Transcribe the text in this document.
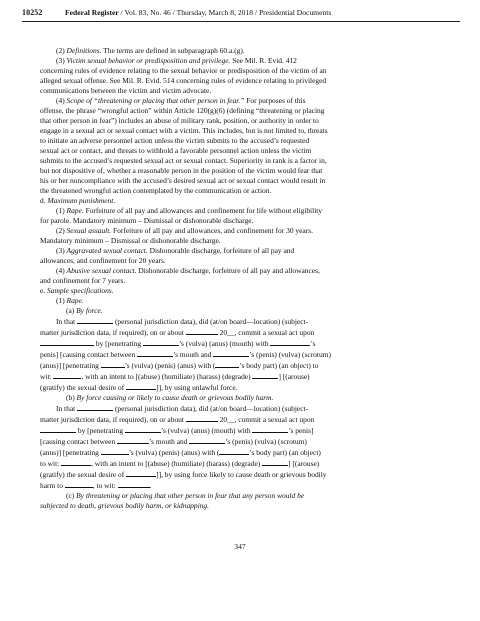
10252	Federal Register / Vol. 83, No. 46 / Thursday, March 8, 2018 / Presidential Documents

(2) Definitions. The terms are defined in subparagraph 60.a.(g).

(3) Victim sexual behavior or predisposition and privilege. See Mil. R. Evid. 412

concerning rules of evidence relating to the sexual behavior or predisposition of the victim of an

alleged sexual offense. See Mil. R. Evid. 514 concerning rules of evidence relating to privileged

communications between the victim and victim advocate.

(4) Scope of “threatening or placing that other person in fear.” For purposes of this

offense, the phrase “wrongful action” within Article 120(g)(6) (defining “threatening or placing

that other person in fear”) includes an abuse of military rank, position, or authority in order to

engage in a sexual act or sexual contact with a victim. This includes, but is not limited to, threats

to initiate an adverse personnel action unless the victim submits to the accused’s requested

sexual act or contact, and threats to withhold a favorable personnel action unless the victim

submits to the accused’s requested sexual act or sexual contact. Superiority in rank is a factor in,

but not dispositive of, whether a reasonable person in the position of the victim would fear that

his or her noncompliance with the accused’s desired sexual act or sexual contact would result in

the threatened wrongful action contemplated by the communication or action.

d. Maximum punishment.

(1) Rape. Forfeiture of all pay and allowances and confinement for life without eligibility

for parole. Mandatory minimum – Dismissal or dishonorable discharge.

(2) Sexual assault. Forfeiture of all pay and allowances, and confinement for 30 years.

Mandatory minimum – Dismissal or dishonorable discharge.

(3) Aggravated sexual contact. Dishonorable discharge, forfeiture of all pay and

allowances, and confinement for 20 years.

(4) Abusive sexual contact. Dishonorable discharge, forfeiture of all pay and allowances,

and confinement for 7 years.

e. Sample specifications.

(1) Rape.

(a) By force.

In that	(personal jurisdiction data), did (at/on board—location) (subject-

matter jurisdiction data, if required), on or about	20__, commit a sexual act upon

by [penetrating	’s (vulva) (anus) (mouth) with	’s

penis] [causing contact between	’s mouth and	’s (penis) (vulva) (scrotum)

(anus)] [penetrating	’s (vulva) (penis) (anus) with (	’s body part) (an object) to

wit:	, with an intent to [(abuse) (humiliate) (harass) (degrade)	] [(arouse)

(gratify) the sexual desire of	]], by using unlawful force.

(b) By force causing or likely to cause death or grievous bodily harm.

In that	(personal jurisdiction data), did (at/on board—location) (subject-

matter jurisdiction data, if required), on or about	20__, commit a sexual act upon

by [penetrating	’s (vulva) (anus) (mouth) with	’s penis]

[causing contact between	’s mouth and	’s (penis) (vulva) (scrotum)

(anus)] [penetrating	’s (vulva) (penis) (anus) with (	’s body part) (an object)

to wit:	, with an intent to [(abuse) (humiliate) (harass) (degrade)	] [(arouse)

(gratify) the sexual desire of	]], by using force likely to cause death or grievous bodily

harm to	, to wit:	.

(c) By threatening or placing that other person in fear that any person would be

subjected to death, grievous bodily harm, or kidnapping.

347
